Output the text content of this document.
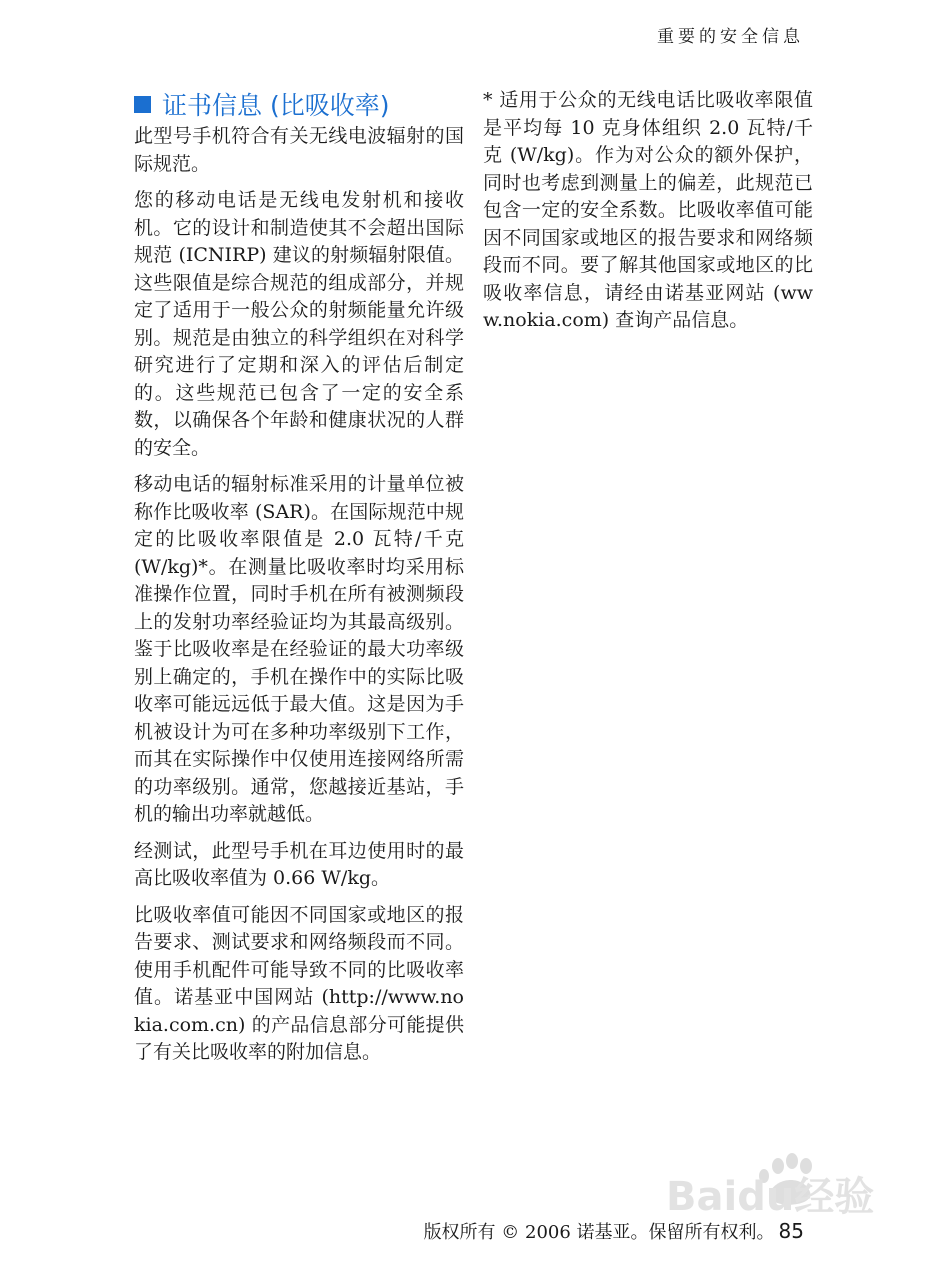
重要的安全信息
证书信息 (比吸收率)

此型号手机符合有关无线电波辐射的国际规范。

您的移动电话是无线电发射机和接收机。它的设计和制造使其不会超出国际规范 (ICNIRP) 建议的射频辐射限值。这些限值是综合规范的组成部分，并规定了适用于一般公众的射频能量允许级别。规范是由独立的科学组织在对科学研究进行了定期和深入的评估后制定的。这些规范已包含了一定的安全系数，以确保各个年龄和健康状况的人群的安全。

移动电话的辐射标准采用的计量单位被称作比吸收率 (SAR)。在国际规范中规定的比吸收率限值是 2.0 瓦特/千克 (W/kg)*。在测量比吸收率时均采用标准操作位置，同时手机在所有被测频段上的发射功率经验证均为其最高级别。鉴于比吸收率是在经验证的最大功率级别上确定的，手机在操作中的实际比吸收率可能远远低于最大值。这是因为手机被设计为可在多种功率级别下工作，而其在实际操作中仅使用连接网络所需的功率级别。通常，您越接近基站，手机的输出功率就越低。

经测试，此型号手机在耳边使用时的最高比吸收率值为 0.66 W/kg。

比吸收率值可能因不同国家或地区的报告要求、测试要求和网络频段而不同。使用手机配件可能导致不同的比吸收率值。诺基亚中国网站 (http://www.nokia.com.cn) 的产品信息部分可能提供了有关比吸收率的附加信息。

* 适用于公众的无线电话比吸收率限值是平均每 10 克身体组织 2.0 瓦特/千克 (W/kg)。作为对公众的额外保护，同时也考虑到测量上的偏差，此规范已包含一定的安全系数。比吸收率值可能因不同国家或地区的报告要求和网络频段而不同。要了解其他国家或地区的比吸收率信息，请经由诺基亚网站 (www.nokia.com) 查询产品信息。

Baidu经验
版权所有 © 2006 诺基亚。保留所有权利。 85
